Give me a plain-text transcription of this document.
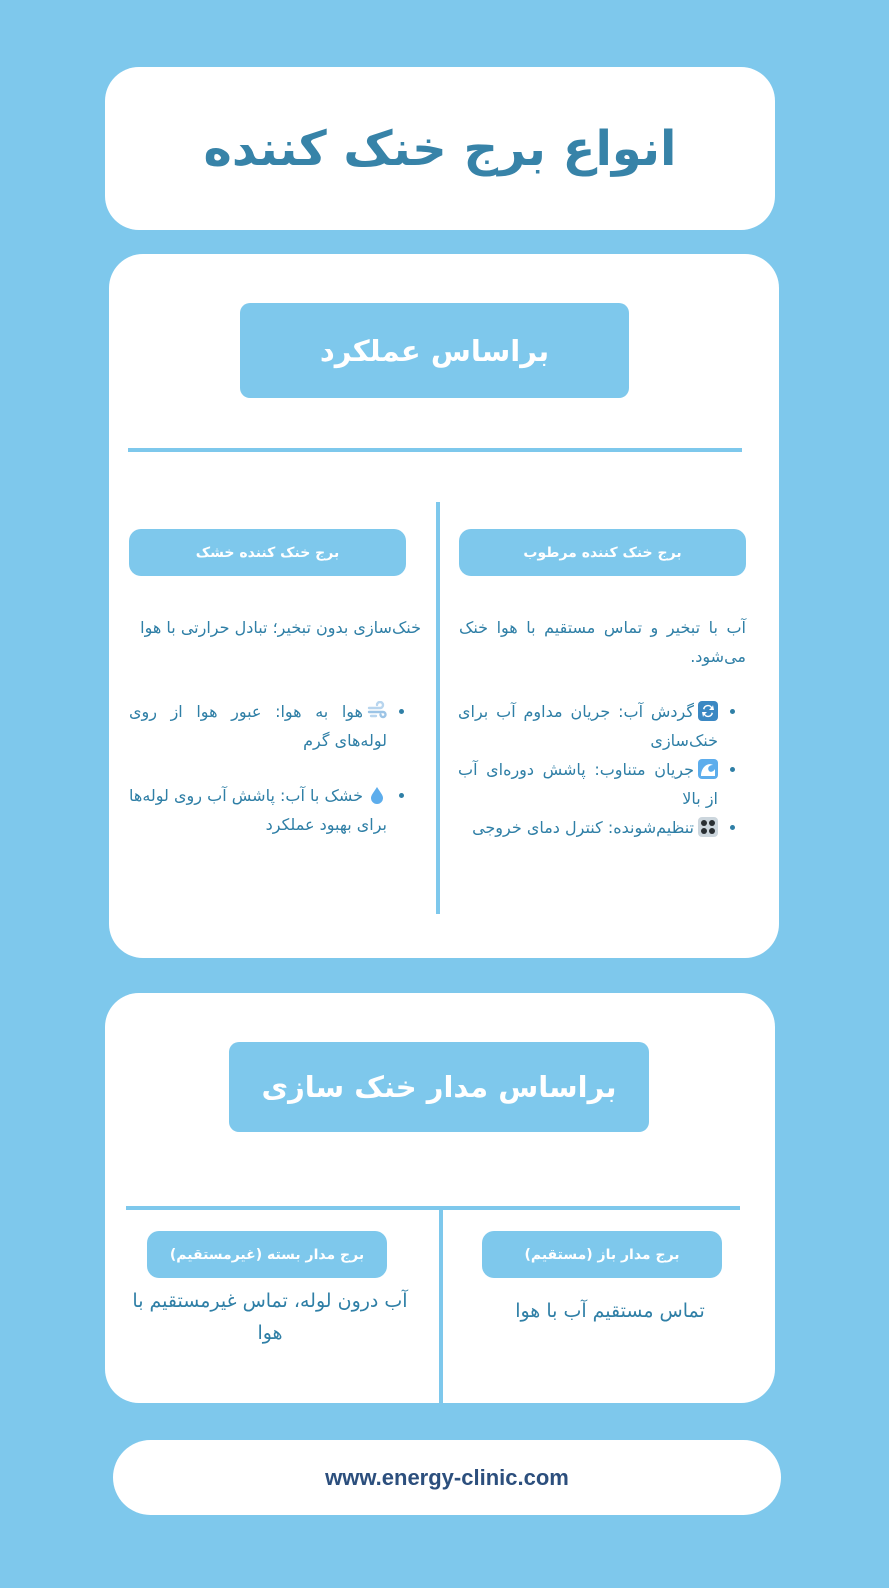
انواع برج خنک کننده
براساس عملکرد
برج خنک کننده مرطوب
آب با تبخیر و تماس مستقیم با هوا خنک می‌شود.
• گردش آب: جریان مداوم آب برای خنک‌سازی
• جریان متناوب: پاشش دوره‌ای آب از بالا
• تنظیم‌شونده: کنترل دمای خروجی
برج خنک کننده خشک
خنک‌سازی بدون تبخیر؛ تبادل حرارتی با هوا
• هوا به هوا: عبور هوا از روی لوله‌های گرم
• خشک با آب: پاشش آب روی لوله‌ها برای بهبود عملکرد
براساس مدار خنک سازی
برج مدار باز (مستقیم)
تماس مستقیم آب با هوا
برج مدار بسته (غیرمستقیم)
آب درون لوله، تماس غیرمستقیم با هوا
www.energy-clinic.com
